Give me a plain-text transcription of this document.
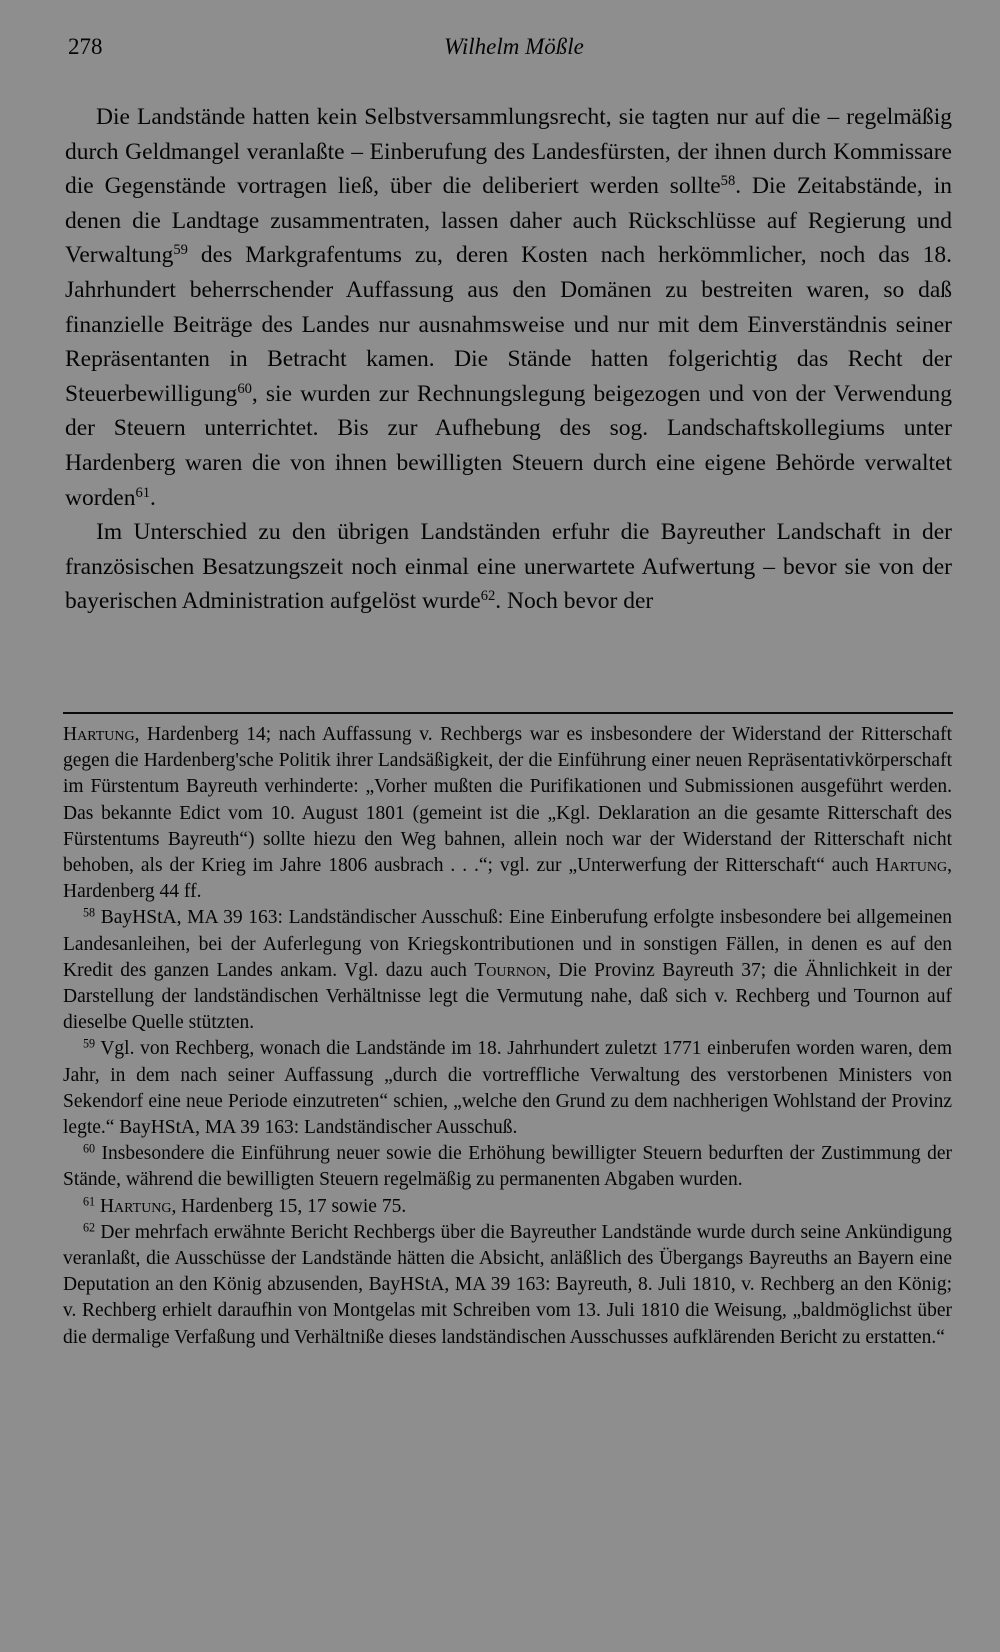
278	Wilhelm Mößle

Die Landstände hatten kein Selbstversammlungsrecht, sie tagten nur auf die – regelmäßig durch Geldmangel veranlaßte – Einberufung des Landesfürsten, der ihnen durch Kommissare die Gegenstände vortragen ließ, über die deliberiert werden sollte$^{58}$. Die Zeitabstände, in denen die Landtage zusammentraten, lassen daher auch Rückschlüsse auf Regierung und Verwaltung$^{59}$ des Markgrafentums zu, deren Kosten nach herkömmlicher, noch das 18. Jahrhundert beherrschender Auffassung aus den Domänen zu bestreiten waren, so daß finanzielle Beiträge des Landes nur ausnahmsweise und nur mit dem Einverständnis seiner Repräsentanten in Betracht kamen. Die Stände hatten folgerichtig das Recht der Steuerbewilligung$^{60}$, sie wurden zur Rechnungslegung beigezogen und von der Verwendung der Steuern unterrichtet. Bis zur Aufhebung des sog. Landschaftskollegiums unter Hardenberg waren die von ihnen bewilligten Steuern durch eine eigene Behörde verwaltet worden$^{61}$.

Im Unterschied zu den übrigen Landständen erfuhr die Bayreuther Landschaft in der französischen Besatzungszeit noch einmal eine unerwartete Aufwertung – bevor sie von der bayerischen Administration aufgelöst wurde$^{62}$. Noch bevor der

Hartung, Hardenberg 14; nach Auffassung v. Rechbergs war es insbesondere der Widerstand der Ritterschaft gegen die Hardenberg'sche Politik ihrer Landsäßigkeit, der die Einführung einer neuen Repräsentativkörperschaft im Fürstentum Bayreuth verhinderte: „Vorher mußten die Purifikationen und Submissionen ausgeführt werden. Das bekannte Edict vom 10. August 1801 (gemeint ist die „Kgl. Deklaration an die gesamte Ritterschaft des Fürstentums Bayreuth“) sollte hiezu den Weg bahnen, allein noch war der Widerstand der Ritterschaft nicht behoben, als der Krieg im Jahre 1806 ausbrach . . .“; vgl. zur „Unterwerfung der Ritterschaft“ auch Hartung, Hardenberg 44 ff.

$^{58}$ BayHStA, MA 39 163: Landständischer Ausschuß: Eine Einberufung erfolgte insbesondere bei allgemeinen Landesanleihen, bei der Auferlegung von Kriegskontributionen und in sonstigen Fällen, in denen es auf den Kredit des ganzen Landes ankam. Vgl. dazu auch Tournon, Die Provinz Bayreuth 37; die Ähnlichkeit in der Darstellung der landständischen Verhältnisse legt die Vermutung nahe, daß sich v. Rechberg und Tournon auf dieselbe Quelle stützten.

$^{59}$ Vgl. von Rechberg, wonach die Landstände im 18. Jahrhundert zuletzt 1771 einberufen worden waren, dem Jahr, in dem nach seiner Auffassung „durch die vortreffliche Verwaltung des verstorbenen Ministers von Sekendorf eine neue Periode einzutreten“ schien, „welche den Grund zu dem nachherigen Wohlstand der Provinz legte.“ BayHStA, MA 39 163: Landständischer Ausschuß.

$^{60}$ Insbesondere die Einführung neuer sowie die Erhöhung bewilligter Steuern bedurften der Zustimmung der Stände, während die bewilligten Steuern regelmäßig zu permanenten Abgaben wurden.

$^{61}$ Hartung, Hardenberg 15, 17 sowie 75.

$^{62}$ Der mehrfach erwähnte Bericht Rechbergs über die Bayreuther Landstände wurde durch seine Ankündigung veranlaßt, die Ausschüsse der Landstände hätten die Absicht, anläßlich des Übergangs Bayreuths an Bayern eine Deputation an den König abzusenden, BayHStA, MA 39 163: Bayreuth, 8. Juli 1810, v. Rechberg an den König; v. Rechberg erhielt daraufhin von Montgelas mit Schreiben vom 13. Juli 1810 die Weisung, „baldmöglichst über die dermalige Verfaßung und Verhältniße dieses landständischen Ausschusses aufklärenden Bericht zu erstatten.“
